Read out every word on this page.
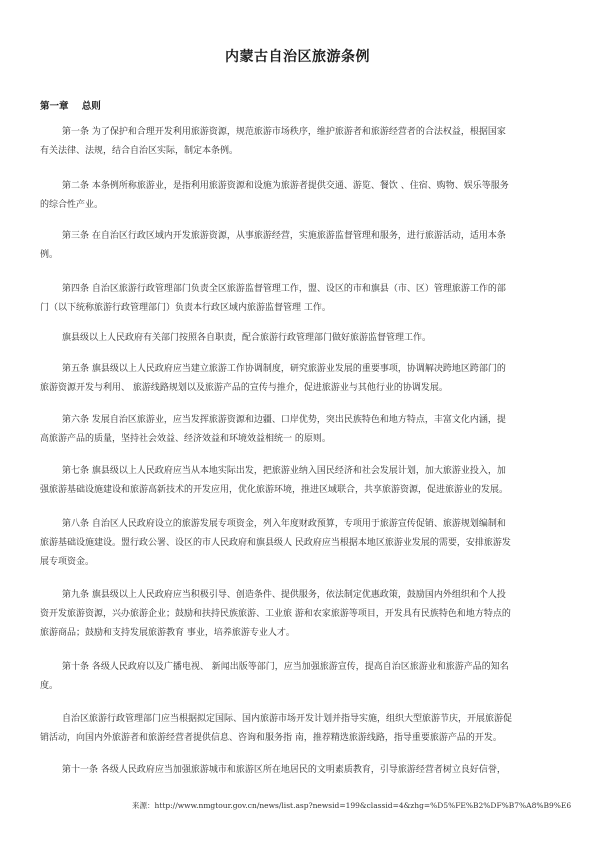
内蒙古自治区旅游条例
第一章    总则
第一条 为了保护和合理开发利用旅游资源，规范旅游市场秩序，维护旅游者和旅游经营者的合法权益，根据国家
有关法律、法规，结合自治区实际，制定本条例。
第二条 本条例所称旅游业，是指利用旅游资源和设施为旅游者提供交通、游览、餐饮 、住宿、购物、娱乐等服务
的综合性产业。
第三条 在自治区行政区域内开发旅游资源，从事旅游经营，实施旅游监督管理和服务，进行旅游活动，适用本条
例。
第四条 自治区旅游行政管理部门负责全区旅游监督管理工作，盟、设区的市和旗县（市、区）管理旅游工作的部
门（以下统称旅游行政管理部门）负责本行政区域内旅游监督管理 工作。
旗县级以上人民政府有关部门按照各自职责，配合旅游行政管理部门做好旅游监督管理工作。
第五条 旗县级以上人民政府应当建立旅游工作协调制度，研究旅游业发展的重要事项，协调解决跨地区跨部门的
旅游资源开发与利用、 旅游线路规划以及旅游产品的宣传与推介，促进旅游业与其他行业的协调发展。
第六条 发展自治区旅游业，应当发挥旅游资源和边疆、口岸优势，突出民族特色和地方特点，丰富文化内涵，提
高旅游产品的质量，坚持社会效益、经济效益和环境效益相统一 的原则。
第七条 旗县级以上人民政府应当从本地实际出发，把旅游业纳入国民经济和社会发展计划，加大旅游业投入，加
强旅游基础设施建设和旅游高新技术的开发应用，优化旅游环境，推进区域联合，共享旅游资源，促进旅游业的发展。
第八条 自治区人民政府设立的旅游发展专项资金，列入年度财政预算，专项用于旅游宣传促销、旅游规划编制和
旅游基础设施建设。盟行政公署、设区的市人民政府和旗县级人 民政府应当根据本地区旅游业发展的需要，安排旅游发
展专项资金。
第九条 旗县级以上人民政府应当积极引导、创造条件、提供服务，依法制定优惠政策，鼓励国内外组织和个人投
资开发旅游资源，兴办旅游企业；鼓励和扶持民族旅游、工业旅 游和农家旅游等项目，开发具有民族特色和地方特点的
旅游商品；鼓励和支持发展旅游教育 事业，培养旅游专业人才。
第十条 各级人民政府以及广播电视、 新闻出版等部门，应当加强旅游宣传，提高自治区旅游业和旅游产品的知名
度。
自治区旅游行政管理部门应当根据拟定国际、国内旅游市场开发计划并指导实施，组织大型旅游节庆，开展旅游促
销活动，向国内外旅游者和旅游经营者提供信息、咨询和服务指 南，推荐精选旅游线路，指导重要旅游产品的开发。
第十一条 各级人民政府应当加强旅游城市和旅游区所在地居民的文明素质教育，引导旅游经营者树立良好信誉，
来源：http://www.nmgtour.gov.cn/news/list.asp?newsid=199&classid=4&zhg=%D5%FE%B2%DF%B7%A8%B9%E6
